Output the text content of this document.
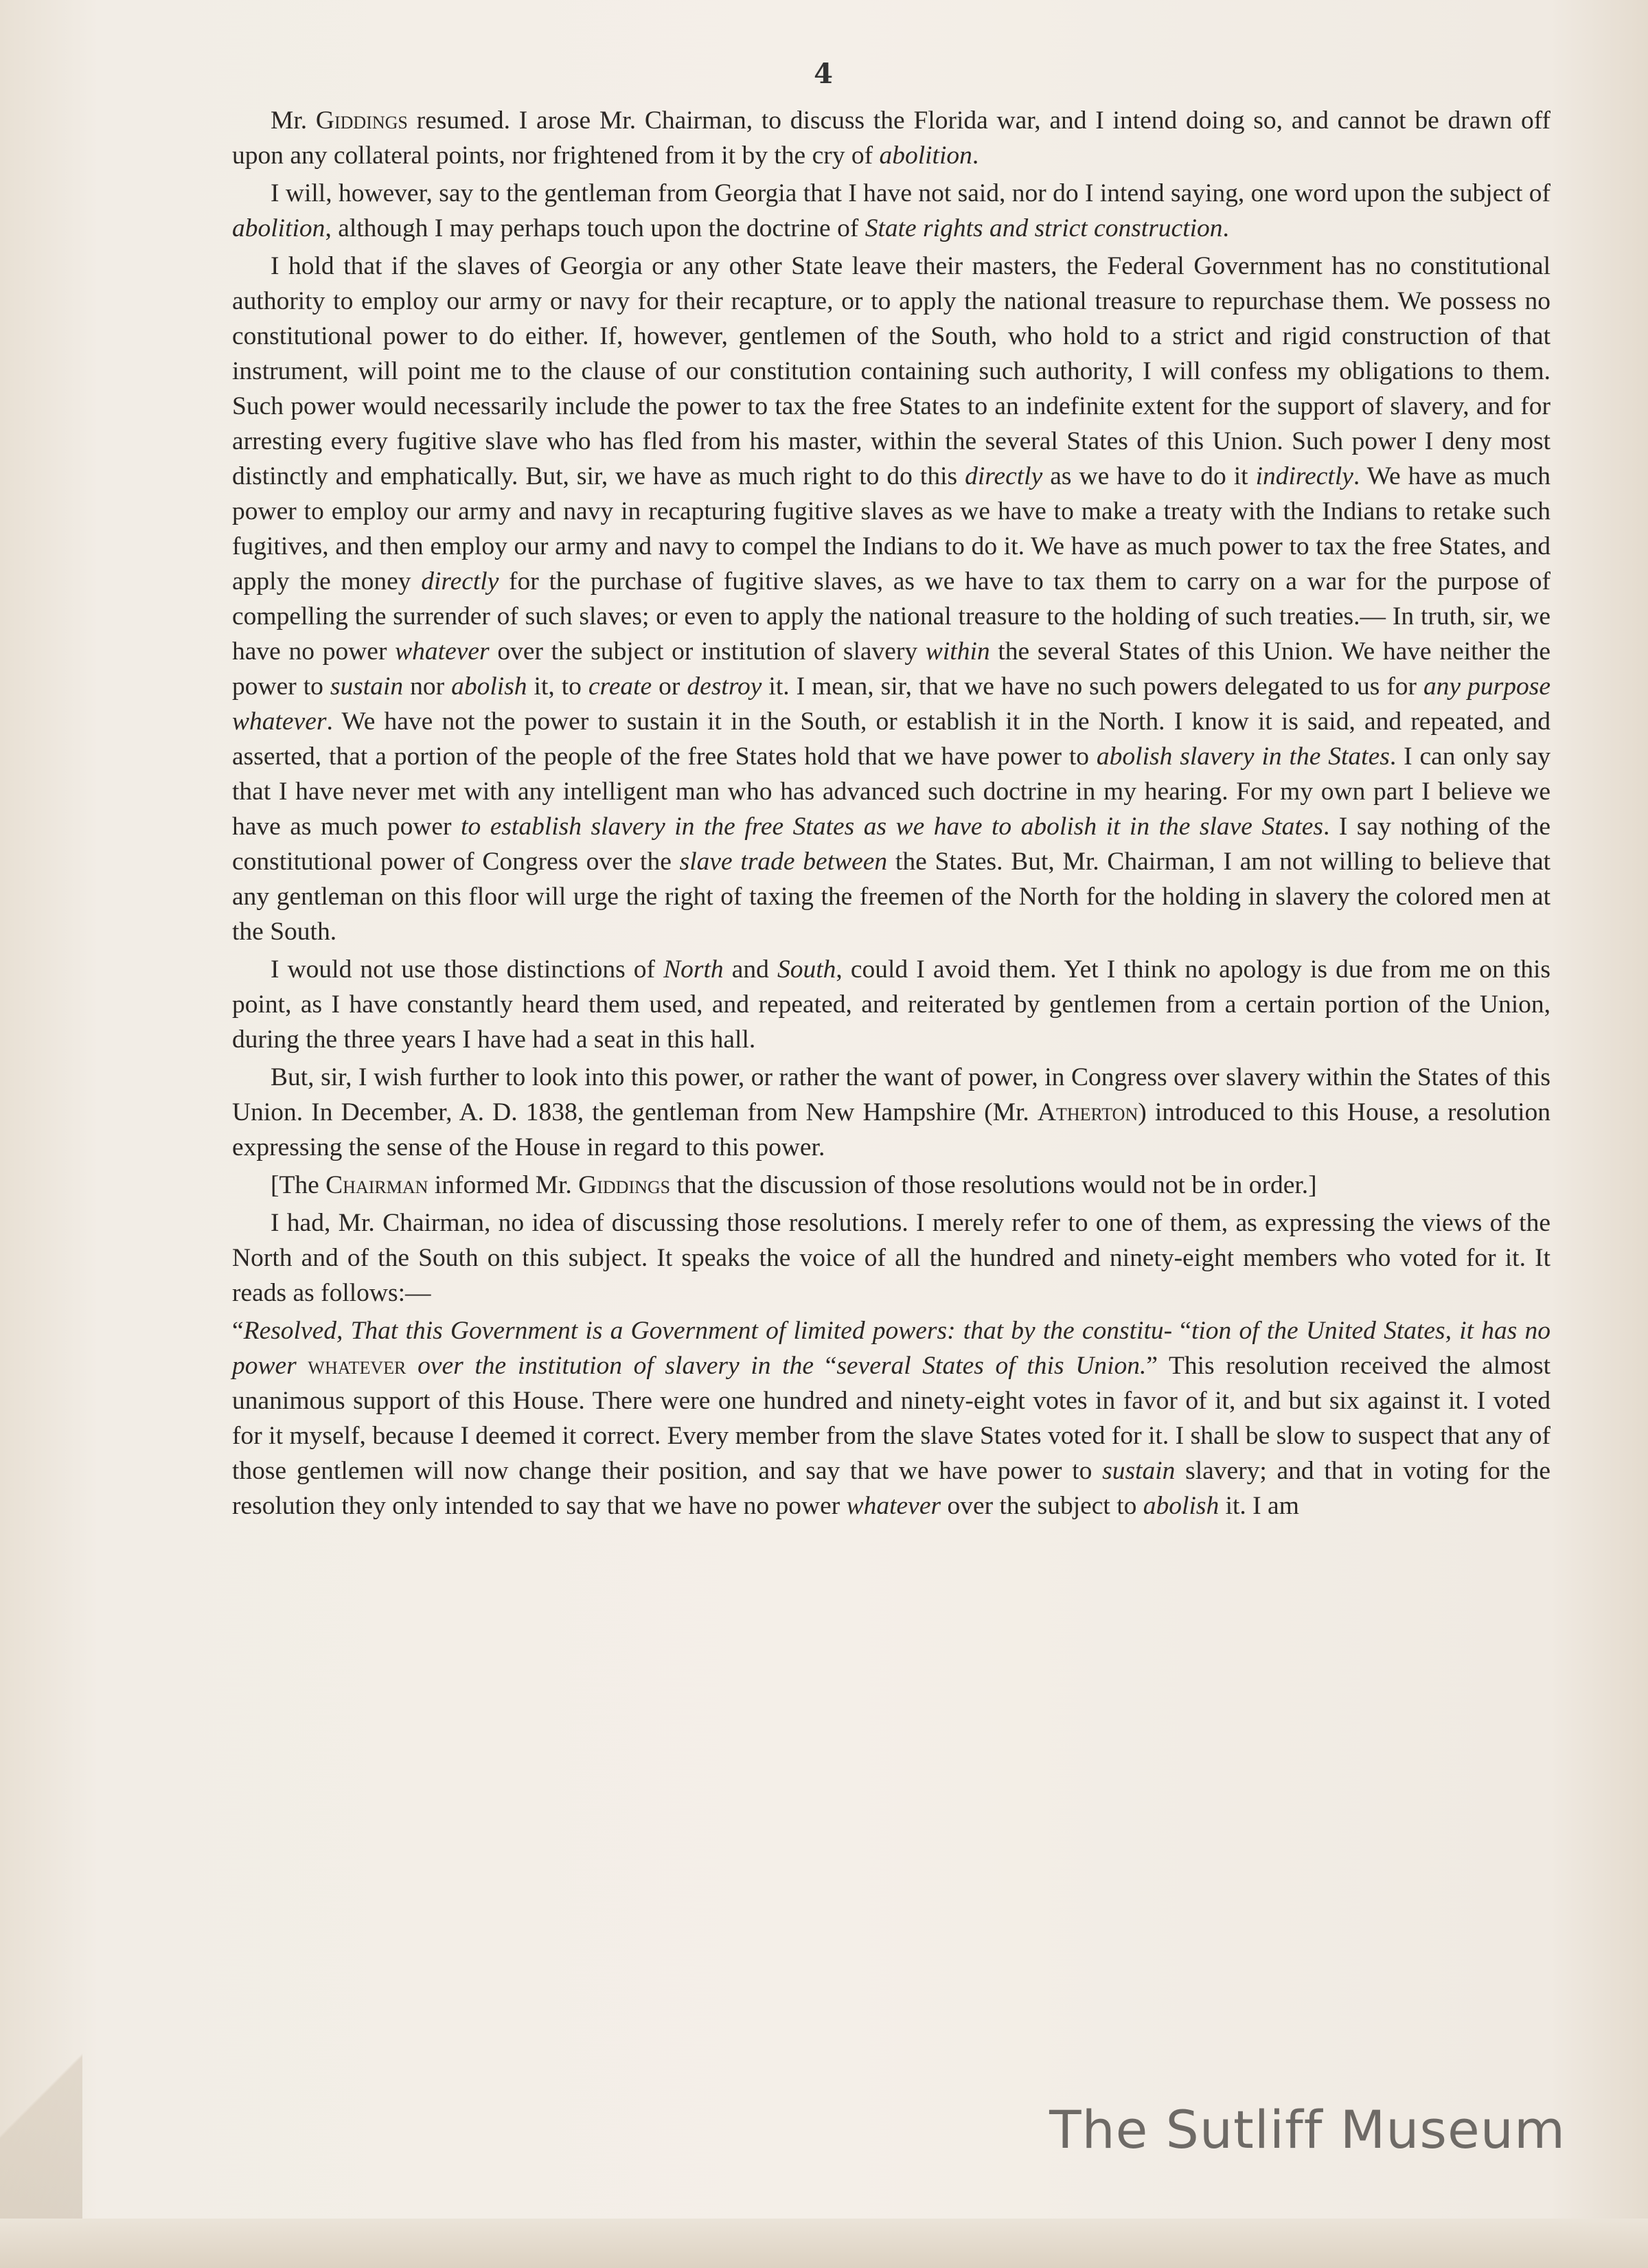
4

Mr. Giddings resumed. I arose Mr. Chairman, to discuss the Florida war, and I intend doing so, and cannot be drawn off upon any collateral points, nor frightened from it by the cry of abolition.

I will, however, say to the gentleman from Georgia that I have not said, nor do I intend saying, one word upon the subject of abolition, although I may perhaps touch upon the doctrine of State rights and strict construction.

I hold that if the slaves of Georgia or any other State leave their masters, the Federal Government has no constitutional authority to employ our army or navy for their recapture, or to apply the national treasure to repurchase them. We possess no constitutional power to do either. If, however, gentlemen of the South, who hold to a strict and rigid construction of that instrument, will point me to the clause of our constitution containing such authority, I will confess my obligations to them. Such power would necessarily include the power to tax the free States to an indefinite extent for the support of slavery, and for arresting every fugitive slave who has fled from his master, within the several States of this Union. Such power I deny most distinctly and emphatically. But, sir, we have as much right to do this directly as we have to do it indirectly. We have as much power to employ our army and navy in recapturing fugitive slaves as we have to make a treaty with the Indians to retake such fugitives, and then employ our army and navy to compel the Indians to do it. We have as much power to tax the free States, and apply the money directly for the purchase of fugitive slaves, as we have to tax them to carry on a war for the purpose of compelling the surrender of such slaves; or even to apply the national treasure to the holding of such treaties.— In truth, sir, we have no power whatever over the subject or institution of slavery within the several States of this Union. We have neither the power to sustain nor abolish it, to create or destroy it. I mean, sir, that we have no such powers delegated to us for any purpose whatever. We have not the power to sustain it in the South, or establish it in the North. I know it is said, and repeated, and asserted, that a portion of the people of the free States hold that we have power to abolish slavery in the States. I can only say that I have never met with any intelligent man who has advanced such doctrine in my hearing. For my own part I believe we have as much power to establish slavery in the free States as we have to abolish it in the slave States. I say nothing of the constitutional power of Congress over the slave trade between the States. But, Mr. Chairman, I am not willing to believe that any gentleman on this floor will urge the right of taxing the freemen of the North for the holding in slavery the colored men at the South.

I would not use those distinctions of North and South, could I avoid them. Yet I think no apology is due from me on this point, as I have constantly heard them used, and repeated, and reiterated by gentlemen from a certain portion of the Union, during the three years I have had a seat in this hall.

But, sir, I wish further to look into this power, or rather the want of power, in Congress over slavery within the States of this Union. In December, A. D. 1838, the gentleman from New Hampshire (Mr. Atherton) introduced to this House, a resolution expressing the sense of the House in regard to this power.

[The Chairman informed Mr. Giddings that the discussion of those resolutions would not be in order.]

I had, Mr. Chairman, no idea of discussing those resolutions. I merely refer to one of them, as expressing the views of the North and of the South on this subject. It speaks the voice of all the hundred and ninety-eight members who voted for it. It reads as follows:—

“Resolved, That this Government is a Government of limited powers: that by the constitu- “tion of the United States, it has no power whatever over the institution of slavery in the “several States of this Union.” This resolution received the almost unanimous support of this House. There were one hundred and ninety-eight votes in favor of it, and but six against it. I voted for it myself, because I deemed it correct. Every member from the slave States voted for it. I shall be slow to suspect that any of those gentlemen will now change their position, and say that we have power to sustain slavery; and that in voting for the resolution they only intended to say that we have no power whatever over the subject to abolish it. I am

The Sutliff Museum
